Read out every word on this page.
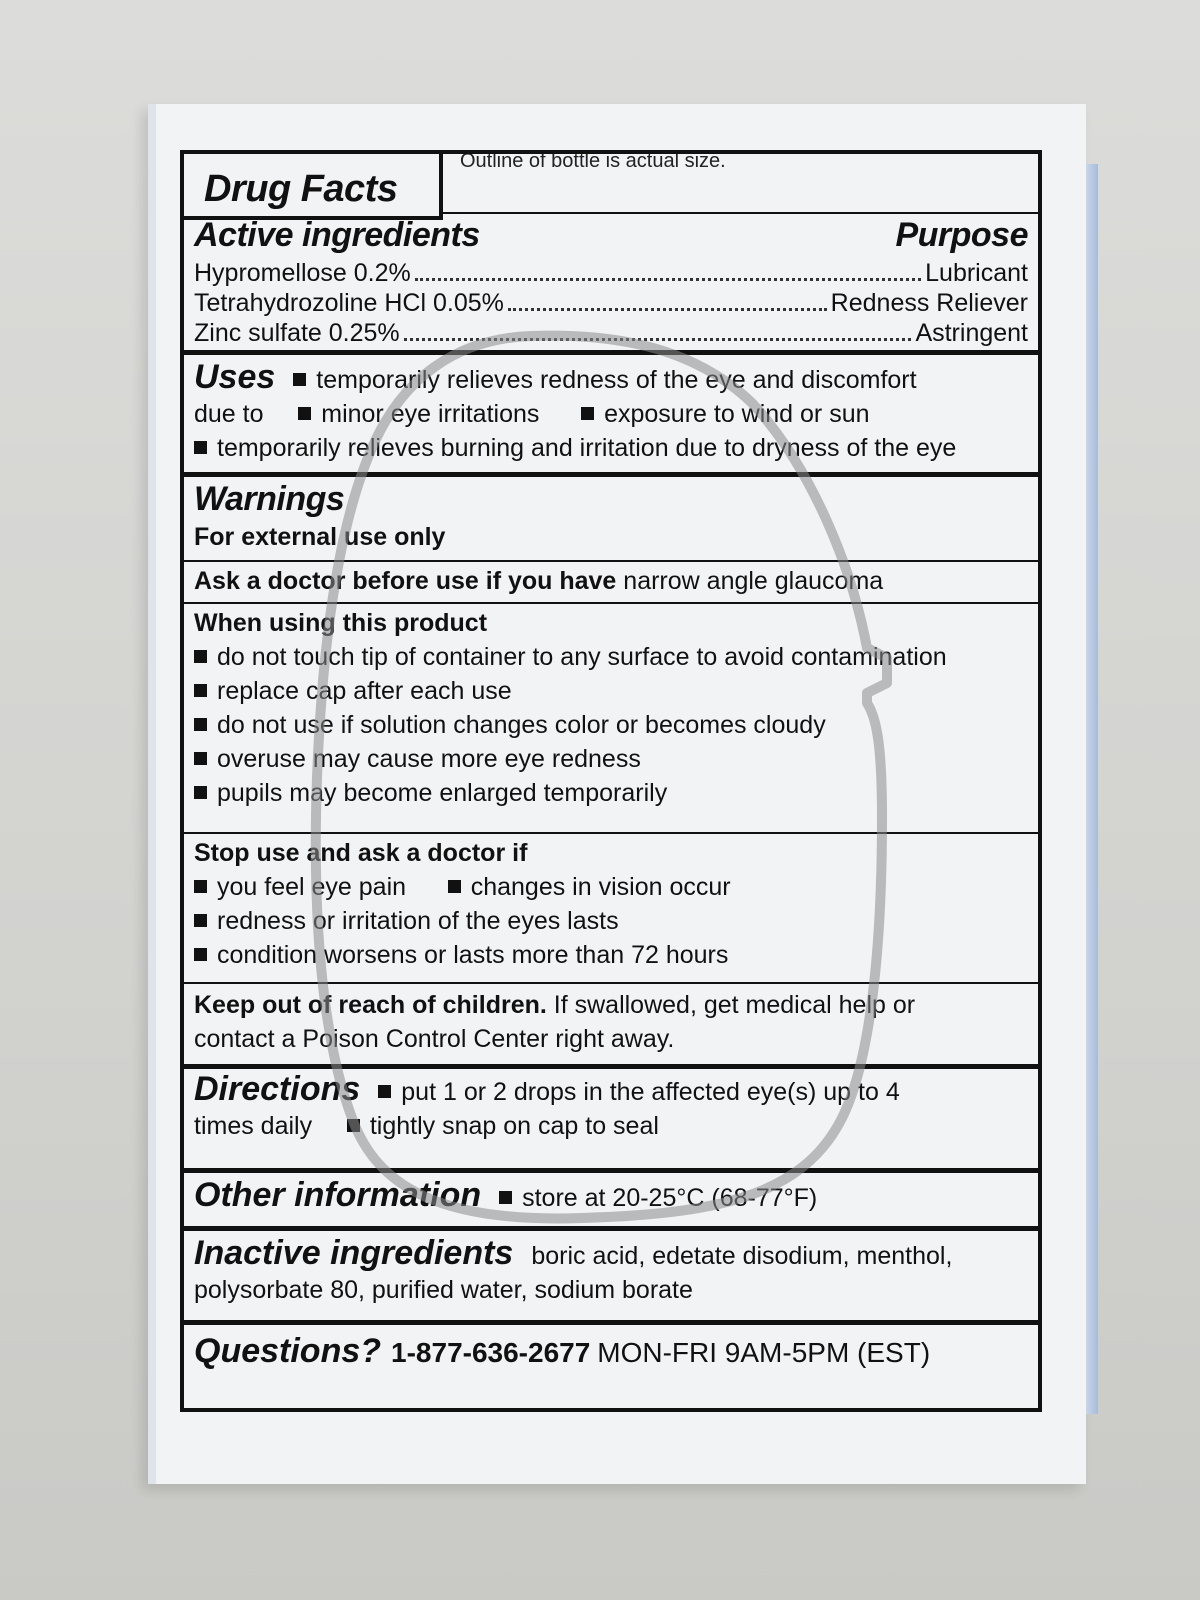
Outline of bottle is actual size.
Drug Facts
Active ingredients	Purpose
Hypromellose 0.2%	Lubricant
Tetrahydrozoline HCl 0.05%	Redness Reliever
Zinc sulfate 0.25%	Astringent
Uses temporarily relieves redness of the eye and discomfort
due to minor eye irritations	exposure to wind or sun
temporarily relieves burning and irritation due to dryness of the eye
Warnings
For external use only
Ask a doctor before use if you have narrow angle glaucoma
When using this product
do not touch tip of container to any surface to avoid contamination
replace cap after each use
do not use if solution changes color or becomes cloudy
overuse may cause more eye redness
pupils may become enlarged temporarily
Stop use and ask a doctor if
you feel eye pain	changes in vision occur
redness or irritation of the eyes lasts
condition worsens or lasts more than 72 hours
Keep out of reach of children. If swallowed, get medical help or
contact a Poison Control Center right away.
Directions put 1 or 2 drops in the affected eye(s) up to 4
times daily tightly snap on cap to seal
Other information store at 20-25°C (68-77°F)
Inactive ingredients boric acid, edetate disodium, menthol,
polysorbate 80, purified water, sodium borate
Questions? 1-877-636-2677 MON-FRI 9AM-5PM (EST)
